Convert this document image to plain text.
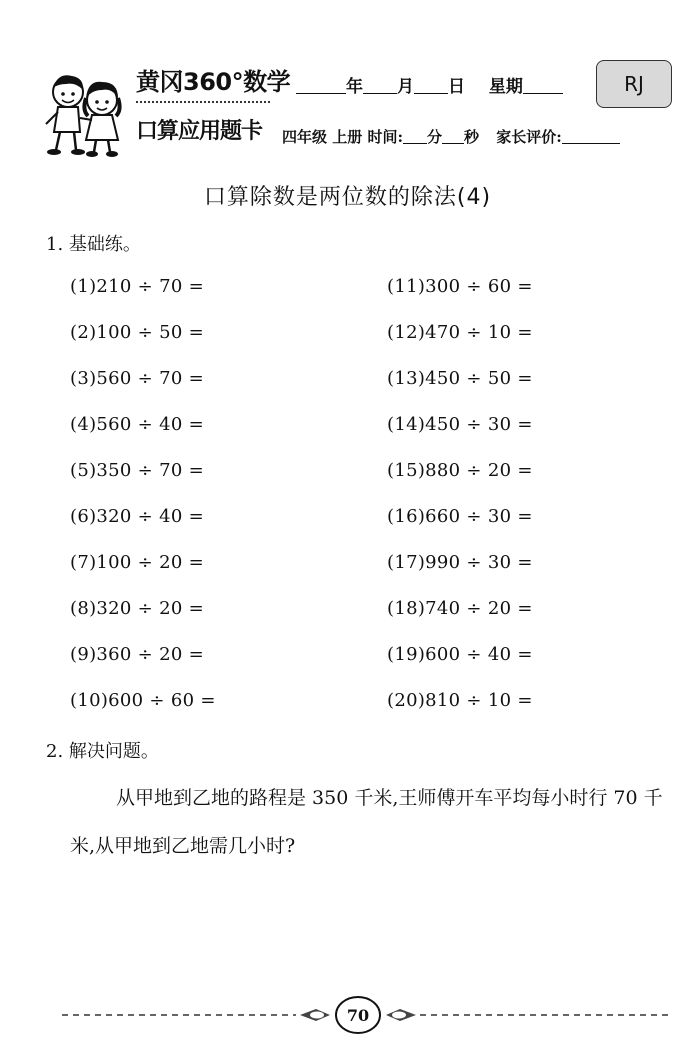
黄冈360°数学
口算应用题卡
年 月 日 星期	RJ
四年级 上册 时间: 分 秒 家长评价:
口算除数是两位数的除法(4)
1. 基础练。
(1)210 ÷ 70 =
(2)100 ÷ 50 =
(3)560 ÷ 70 =
(4)560 ÷ 40 =
(5)350 ÷ 70 =
(6)320 ÷ 40 =
(7)100 ÷ 20 =
(8)320 ÷ 20 =
(9)360 ÷ 20 =
(10)600 ÷ 60 =
(11)300 ÷ 60 =
(12)470 ÷ 10 =
(13)450 ÷ 50 =
(14)450 ÷ 30 =
(15)880 ÷ 20 =
(16)660 ÷ 30 =
(17)990 ÷ 30 =
(18)740 ÷ 20 =
(19)600 ÷ 40 =
(20)810 ÷ 10 =
2. 解决问题。
从甲地到乙地的路程是 350 千米,王师傅开车平均每小时行 70 千米,从甲地到乙地需几小时?
70
